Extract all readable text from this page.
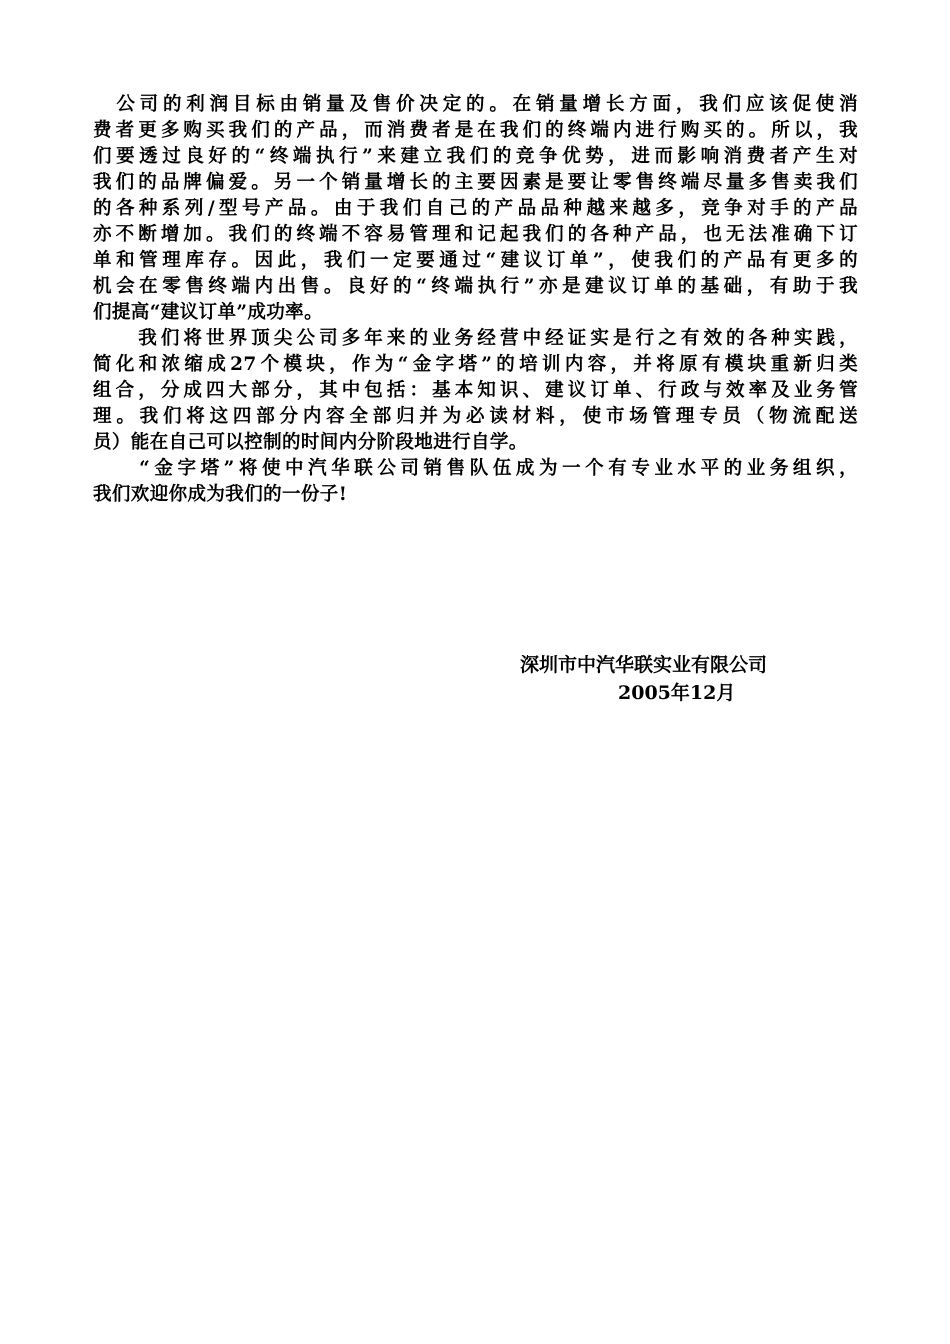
　公司的利润目标由销量及售价决定的。在销量增长方面，我们应该促使消
费者更多购买我们的产品，而消费者是在我们的终端内进行购买的。所以，我
们要透过良好的“终端执行”来建立我们的竞争优势，进而影响消费者产生对
我们的品牌偏爱。另一个销量增长的主要因素是要让零售终端尽量多售卖我们
的各种系列/型号产品。由于我们自己的产品品种越来越多，竞争对手的产品
亦不断增加。我们的终端不容易管理和记起我们的各种产品，也无法准确下订
单和管理库存。因此，我们一定要通过“建议订单”，使我们的产品有更多的
机会在零售终端内出售。良好的“终端执行”亦是建议订单的基础，有助于我
们提高“建议订单”成功率。
　　我们将世界顶尖公司多年来的业务经营中经证实是行之有效的各种实践，
简化和浓缩成27个模块，作为“金字塔”的培训内容，并将原有模块重新归类
组合，分成四大部分，其中包括：基本知识、建议订单、行政与效率及业务管
理。我们将这四部分内容全部归并为必读材料，使市场管理专员（物流配送
员）能在自己可以控制的时间内分阶段地进行自学。
　　“金字塔”将使中汽华联公司销售队伍成为一个有专业水平的业务组织，
我们欢迎你成为我们的一份子!
深圳市中汽华联实业有限公司
2005年12月
